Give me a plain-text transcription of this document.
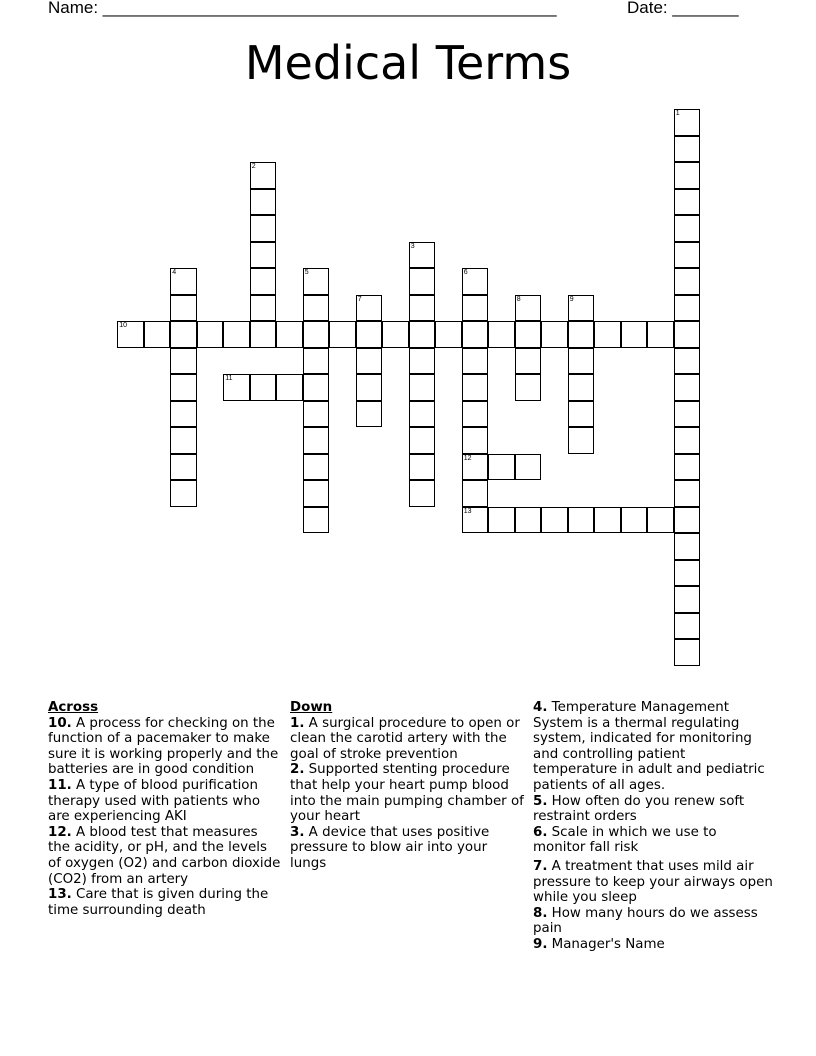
Name: ________________________________________________	Date: _______
Medical Terms
1
2
3
4	5	6
12
13
7	8	9
10
11
Across
10. A process for checking on the function of a pacemaker to make sure it is working properly and the batteries are in good condition
11. A type of blood purification therapy used with patients who are experiencing AKI
12. A blood test that measures the acidity, or pH, and the levels of oxygen (O2) and carbon dioxide (CO2) from an artery
13. Care that is given during the time surrounding death
Down
1. A surgical procedure to open or clean the carotid artery with the goal of stroke prevention
2. Supported stenting procedure that help your heart pump blood into the main pumping chamber of your heart
3. A device that uses positive pressure to blow air into your lungs
4. Temperature Management System is a thermal regulating system, indicated for monitoring and controlling patient temperature in adult and pediatric patients of all ages.
5. How often do you renew soft restraint orders
6. Scale in which we use to monitor fall risk
7. A treatment that uses mild air pressure to keep your airways open while you sleep
8. How many hours do we assess pain
9. Manager's Name
